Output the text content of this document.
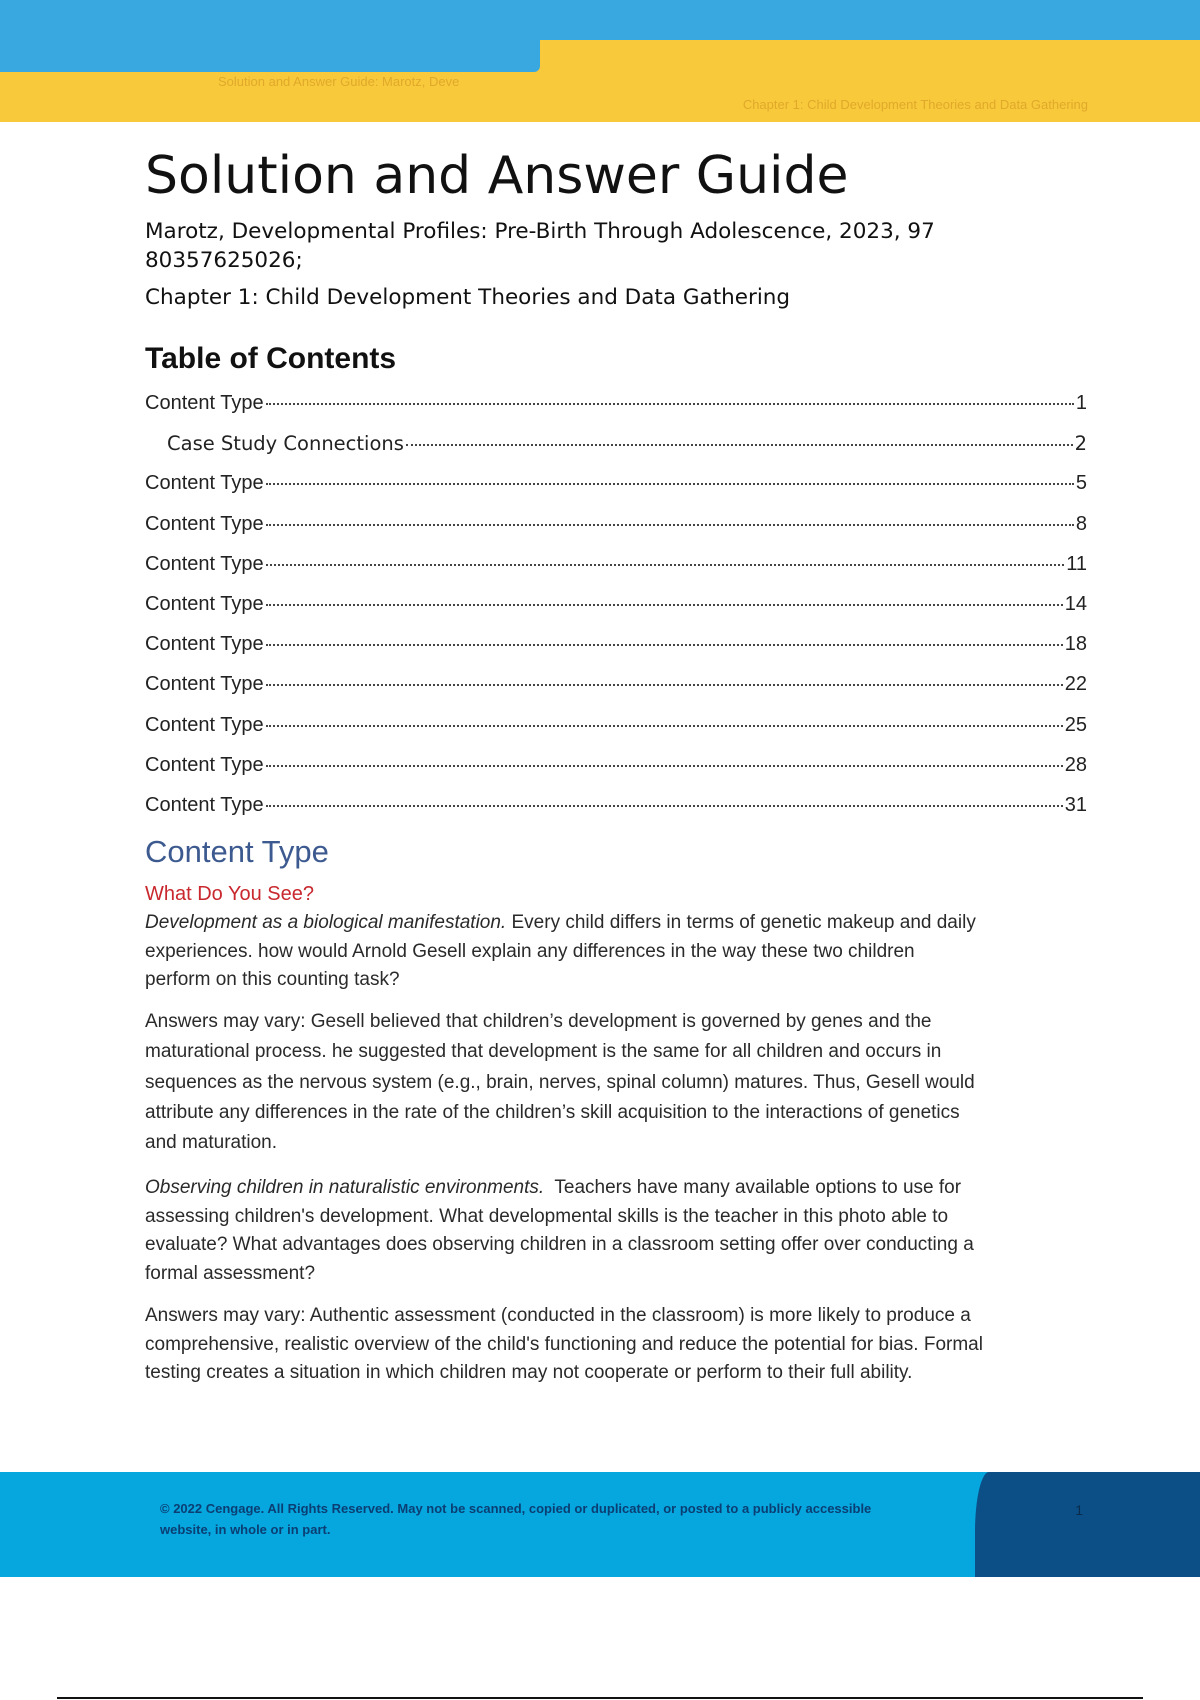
Solution and Answer Guide: Marotz, Deve
Chapter 1: Child Development Theories and Data Gathering
Solution and Answer Guide
Marotz, Developmental Profiles: Pre-Birth Through Adolescence, 2023, 97
80357625026;
Chapter 1: Child Development Theories and Data Gathering
Table of Contents
Content Type	1
Case Study Connections	2
Content Type	5
Content Type	8
Content Type	11
Content Type	14
Content Type	18
Content Type	22
Content Type	25
Content Type	28
Content Type	31
Content Type
What Do You See?
Development as a biological manifestation. Every child differs in terms of genetic makeup and daily
experiences. how would Arnold Gesell explain any differences in the way these two children
perform on this counting task?
Answers may vary: Gesell believed that children’s development is governed by genes and the
maturational process. he suggested that development is the same for all children and occurs in
sequences as the nervous system (e.g., brain, nerves, spinal column) matures. Thus, Gesell would
attribute any differences in the rate of the children’s skill acquisition to the interactions of genetics
and maturation.
Observing children in naturalistic environments.  Teachers have many available options to use for
assessing children's development. What developmental skills is the teacher in this photo able to
evaluate? What advantages does observing children in a classroom setting offer over conducting a
formal assessment?
Answers may vary: Authentic assessment (conducted in the classroom) is more likely to produce a
comprehensive, realistic overview of the child's functioning and reduce the potential for bias. Formal
testing creates a situation in which children may not cooperate or perform to their full ability.
© 2022 Cengage. All Rights Reserved. May not be scanned, copied or duplicated, or posted to a publicly accessible
website, in whole or in part.
1
